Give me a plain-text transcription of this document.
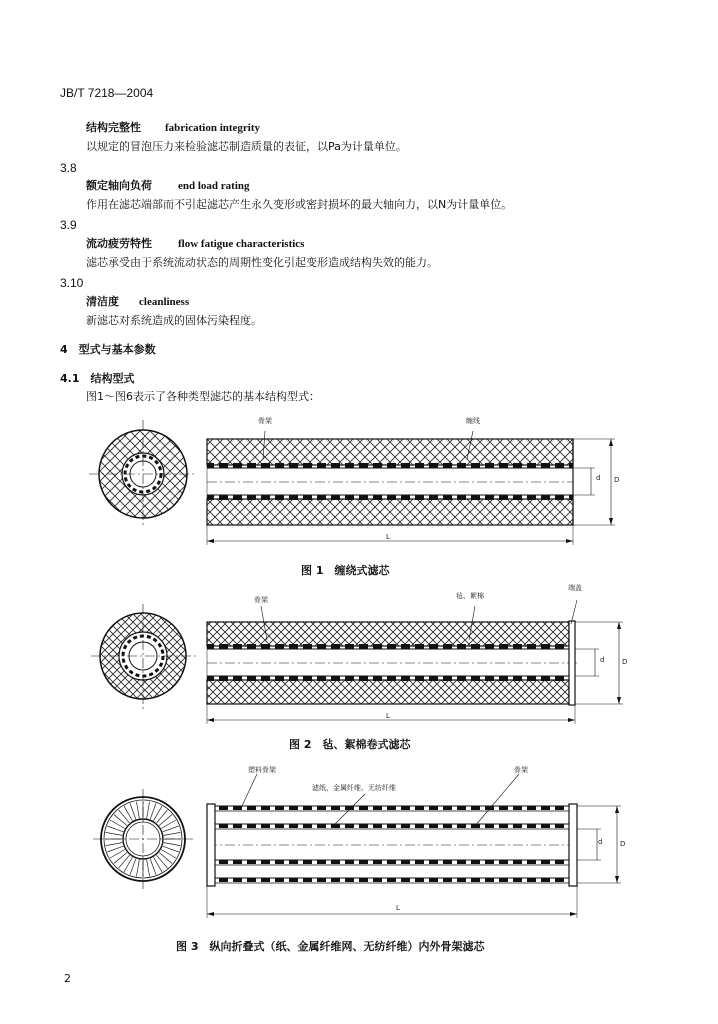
JB/T 7218—2004
结构完整性 fabrication integrity
以规定的冒泡压力来检验滤芯制造质量的表征，以Pa为计量单位。
3.8
额定轴向负荷 end load rating
作用在滤芯端部而不引起滤芯产生永久变形或密封损坏的最大轴向力，以N为计量单位。
3.9
流动疲劳特性 flow fatigue characteristics
滤芯承受由于系统流动状态的周期性变化引起变形造成结构失效的能力。
3.10
清洁度 cleanliness
新滤芯对系统造成的固体污染程度。
4　型式与基本参数
4.1　结构型式
图1～图6表示了各种类型滤芯的基本结构型式：
骨架	缠线
d D
L
图 1　缠绕式滤芯
骨架	毡、絮棉
端盖
d	D
L
图 2　毡、絮棉卷式滤芯
塑料骨架
滤纸、金属纤维、无纺纤维
骨架
d	D
L
图 3　纵向折叠式（纸、金属纤维网、无纺纤维）内外骨架滤芯
2
